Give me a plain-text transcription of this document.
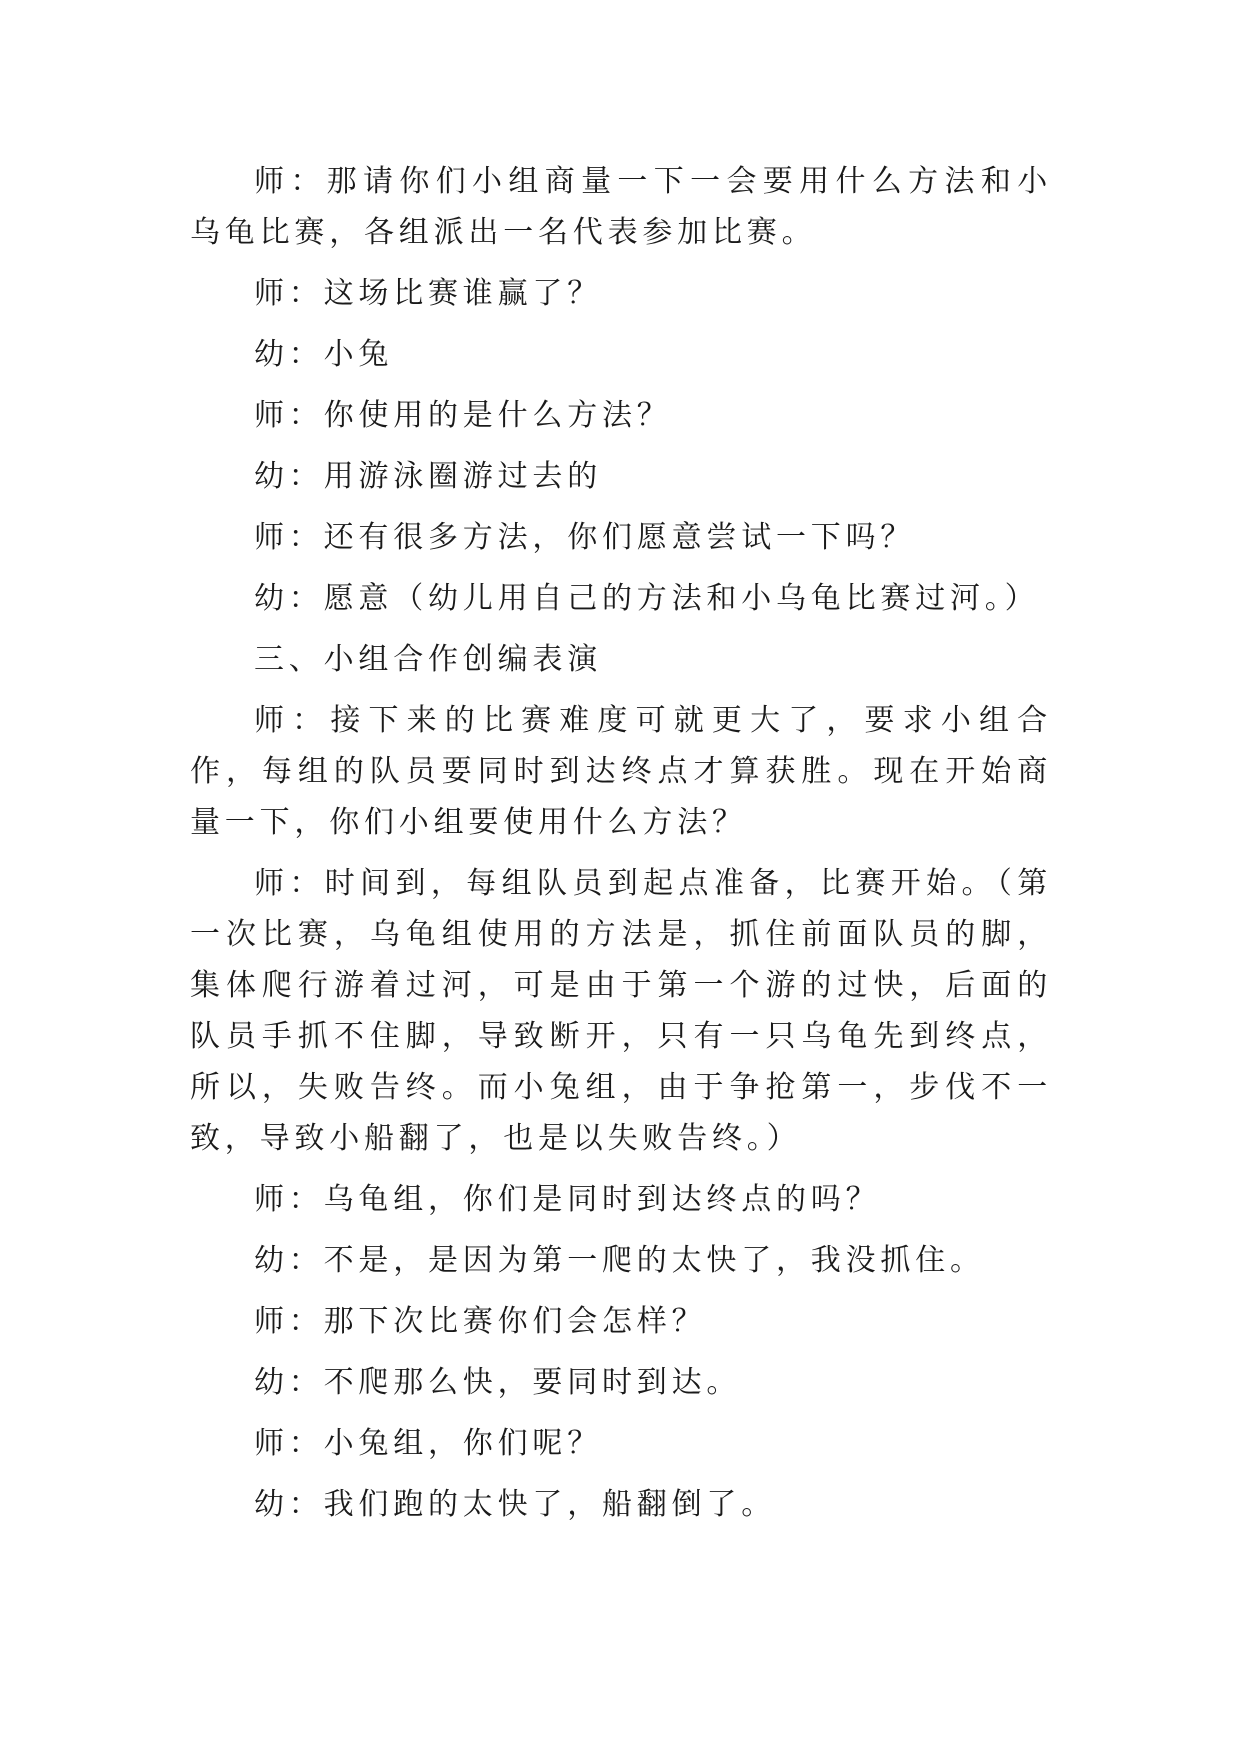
师：那请你们小组商量一下一会要用什么方法和小乌龟比赛，各组派出一名代表参加比赛。

师：这场比赛谁赢了？

幼：小兔

师：你使用的是什么方法？

幼：用游泳圈游过去的

师：还有很多方法，你们愿意尝试一下吗？

幼：愿意（幼儿用自己的方法和小乌龟比赛过河。）

三、小组合作创编表演

师：接下来的比赛难度可就更大了，要求小组合作，每组的队员要同时到达终点才算获胜。现在开始商量一下，你们小组要使用什么方法？

师：时间到，每组队员到起点准备，比赛开始。（第一次比赛，乌龟组使用的方法是，抓住前面队员的脚，集体爬行游着过河，可是由于第一个游的过快，后面的队员手抓不住脚，导致断开，只有一只乌龟先到终点，所以，失败告终。而小兔组，由于争抢第一，步伐不一致，导致小船翻了，也是以失败告终。）

师：乌龟组，你们是同时到达终点的吗？

幼：不是，是因为第一爬的太快了，我没抓住。

师：那下次比赛你们会怎样？

幼：不爬那么快，要同时到达。

师：小兔组，你们呢？

幼：我们跑的太快了，船翻倒了。
